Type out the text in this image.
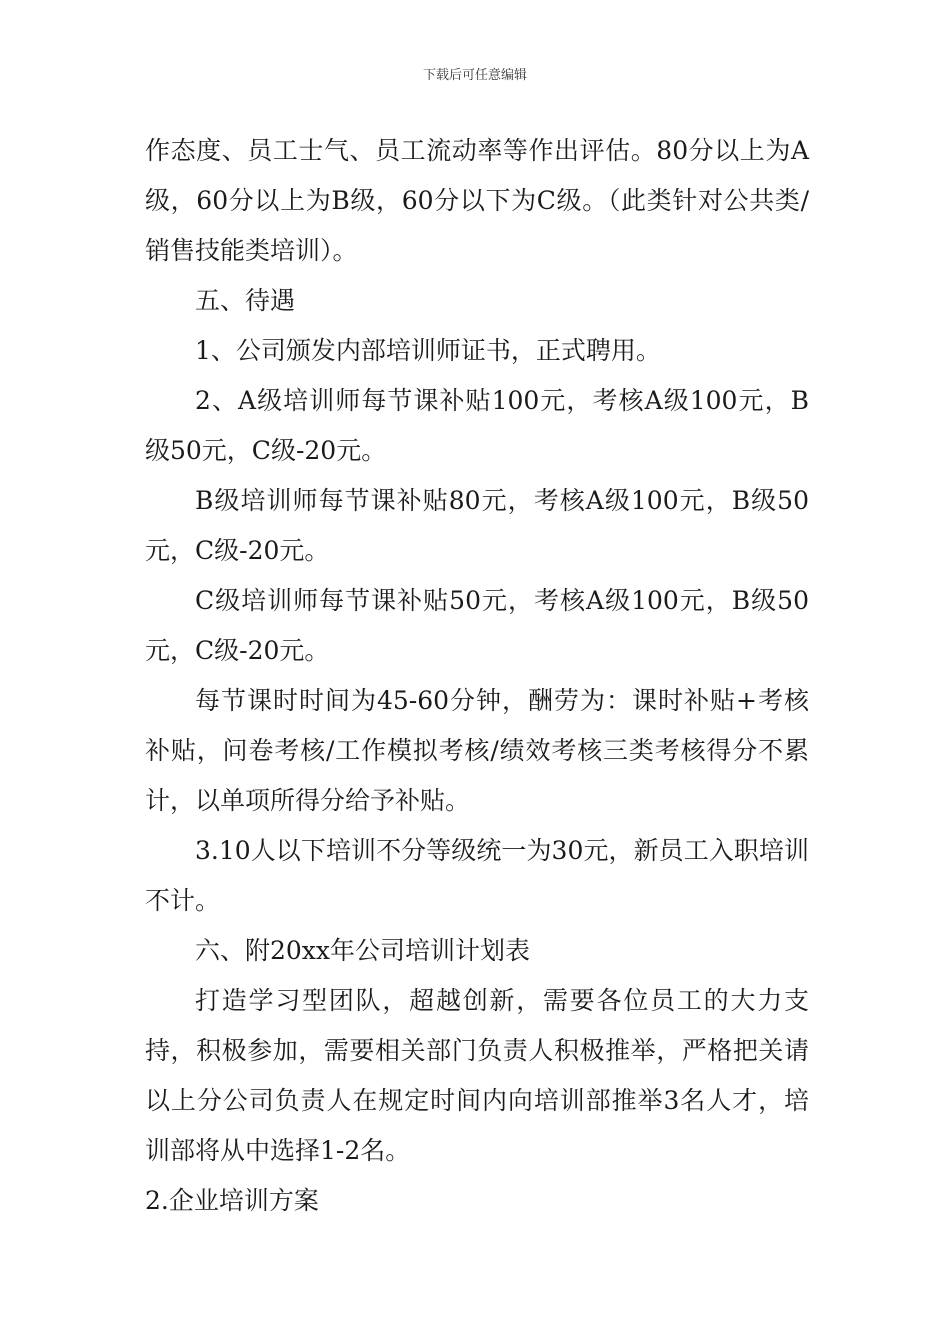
下载后可任意编辑

作态度、员工士气、员工流动率等作出评估。80分以上为A级，60分以上为B级，60分以下为C级。（此类针对公共类/销售技能类培训）。

五、待遇

1、公司颁发内部培训师证书，正式聘用。

2、A级培训师每节课补贴100元，考核A级100元，B级50元，C级-20元。

B级培训师每节课补贴80元，考核A级100元，B级50元，C级-20元。

C级培训师每节课补贴50元，考核A级100元，B级50元，C级-20元。

每节课时时间为45-60分钟，酬劳为：课时补贴+考核补贴，问卷考核/工作模拟考核/绩效考核三类考核得分不累计，以单项所得分给予补贴。

3.10人以下培训不分等级统一为30元，新员工入职培训不计。

六、附20xx年公司培训计划表

打造学习型团队，超越创新，需要各位员工的大力支持，积极参加，需要相关部门负责人积极推举，严格把关请以上分公司负责人在规定时间内向培训部推举3名人才，培训部将从中选择1-2名。

2.企业培训方案
